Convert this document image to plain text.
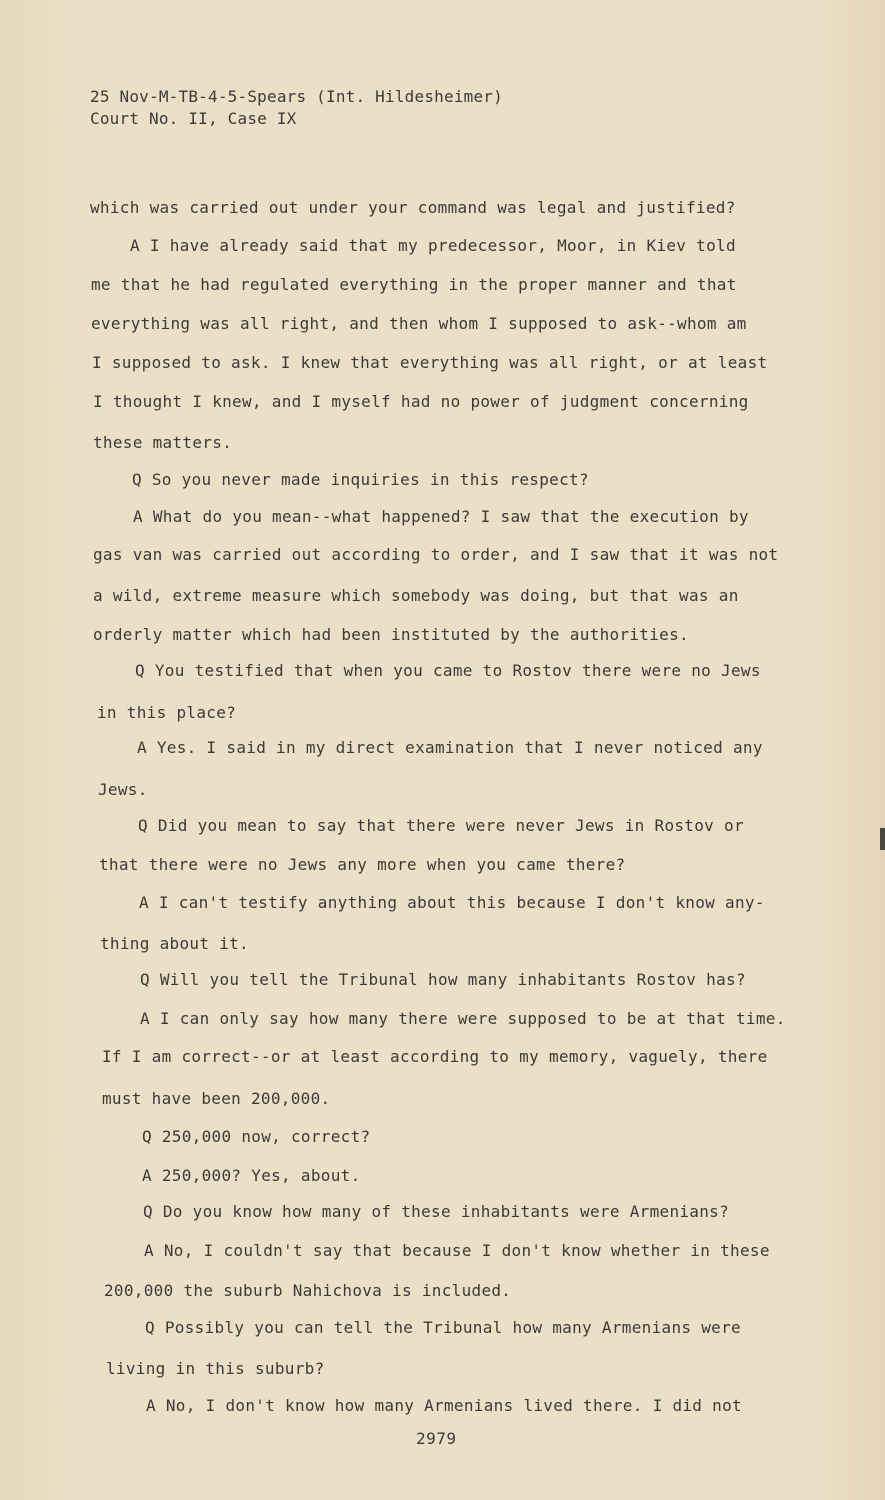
25 Nov-M-TB-4-5-Spears (Int. Hildesheimer)
Court No. II, Case IX
which was carried out under your command was legal and justified?
A I have already said that my predecessor, Moor, in Kiev told
me that he had regulated everything in the proper manner and that
everything was all right, and then whom I supposed to ask--whom am
I supposed to ask. I knew that everything was all right, or at least
I thought I knew, and I myself had no power of judgment concerning
these matters.
Q So you never made inquiries in this respect?
A What do you mean--what happened? I saw that the execution by
gas van was carried out according to order, and I saw that it was not
a wild, extreme measure which somebody was doing, but that was an
orderly matter which had been instituted by the authorities.
Q You testified that when you came to Rostov there were no Jews
in this place?
A Yes. I said in my direct examination that I never noticed any
Jews.
Q Did you mean to say that there were never Jews in Rostov or
that there were no Jews any more when you came there?
A I can't testify anything about this because I don't know any-
thing about it.
Q Will you tell the Tribunal how many inhabitants Rostov has?
A I can only say how many there were supposed to be at that time.
If I am correct--or at least according to my memory, vaguely, there
must have been 200,000.
Q 250,000 now, correct?
A 250,000? Yes, about.
Q Do you know how many of these inhabitants were Armenians?
A No, I couldn't say that because I don't know whether in these
200,000 the suburb Nahichova is included.
Q Possibly you can tell the Tribunal how many Armenians were
living in this suburb?
A No, I don't know how many Armenians lived there. I did not
2979
